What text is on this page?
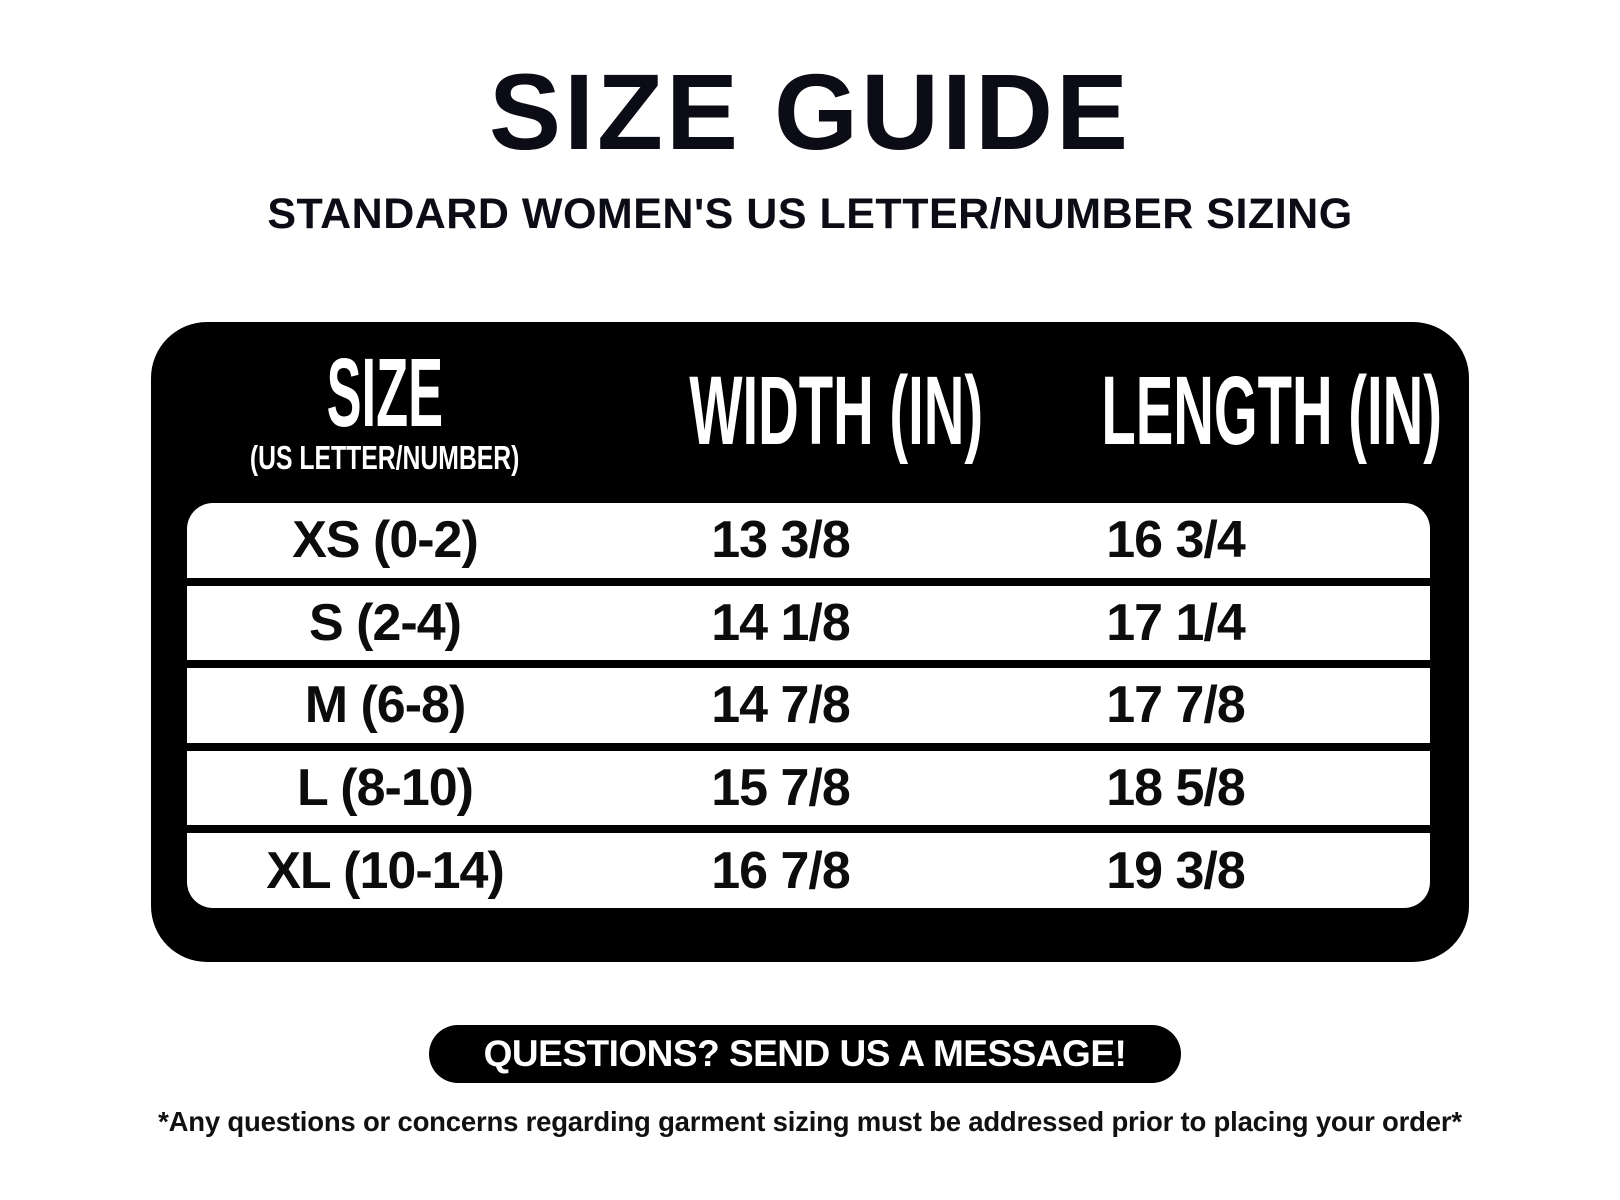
SIZE GUIDE
STANDARD WOMEN'S US LETTER/NUMBER SIZING
SIZE
(US LETTER/NUMBER)	WIDTH (IN)	LENGTH (IN)
XS (0-2)	13 3/8	16 3/4
S (2-4)	14 1/8	17 1/4
M (6-8)	14 7/8	17 7/8
L (8-10)	15 7/8	18 5/8
XL (10-14)	16 7/8	19 3/8
QUESTIONS? SEND US A MESSAGE!
*Any questions or concerns regarding garment sizing must be addressed prior to placing your order*
